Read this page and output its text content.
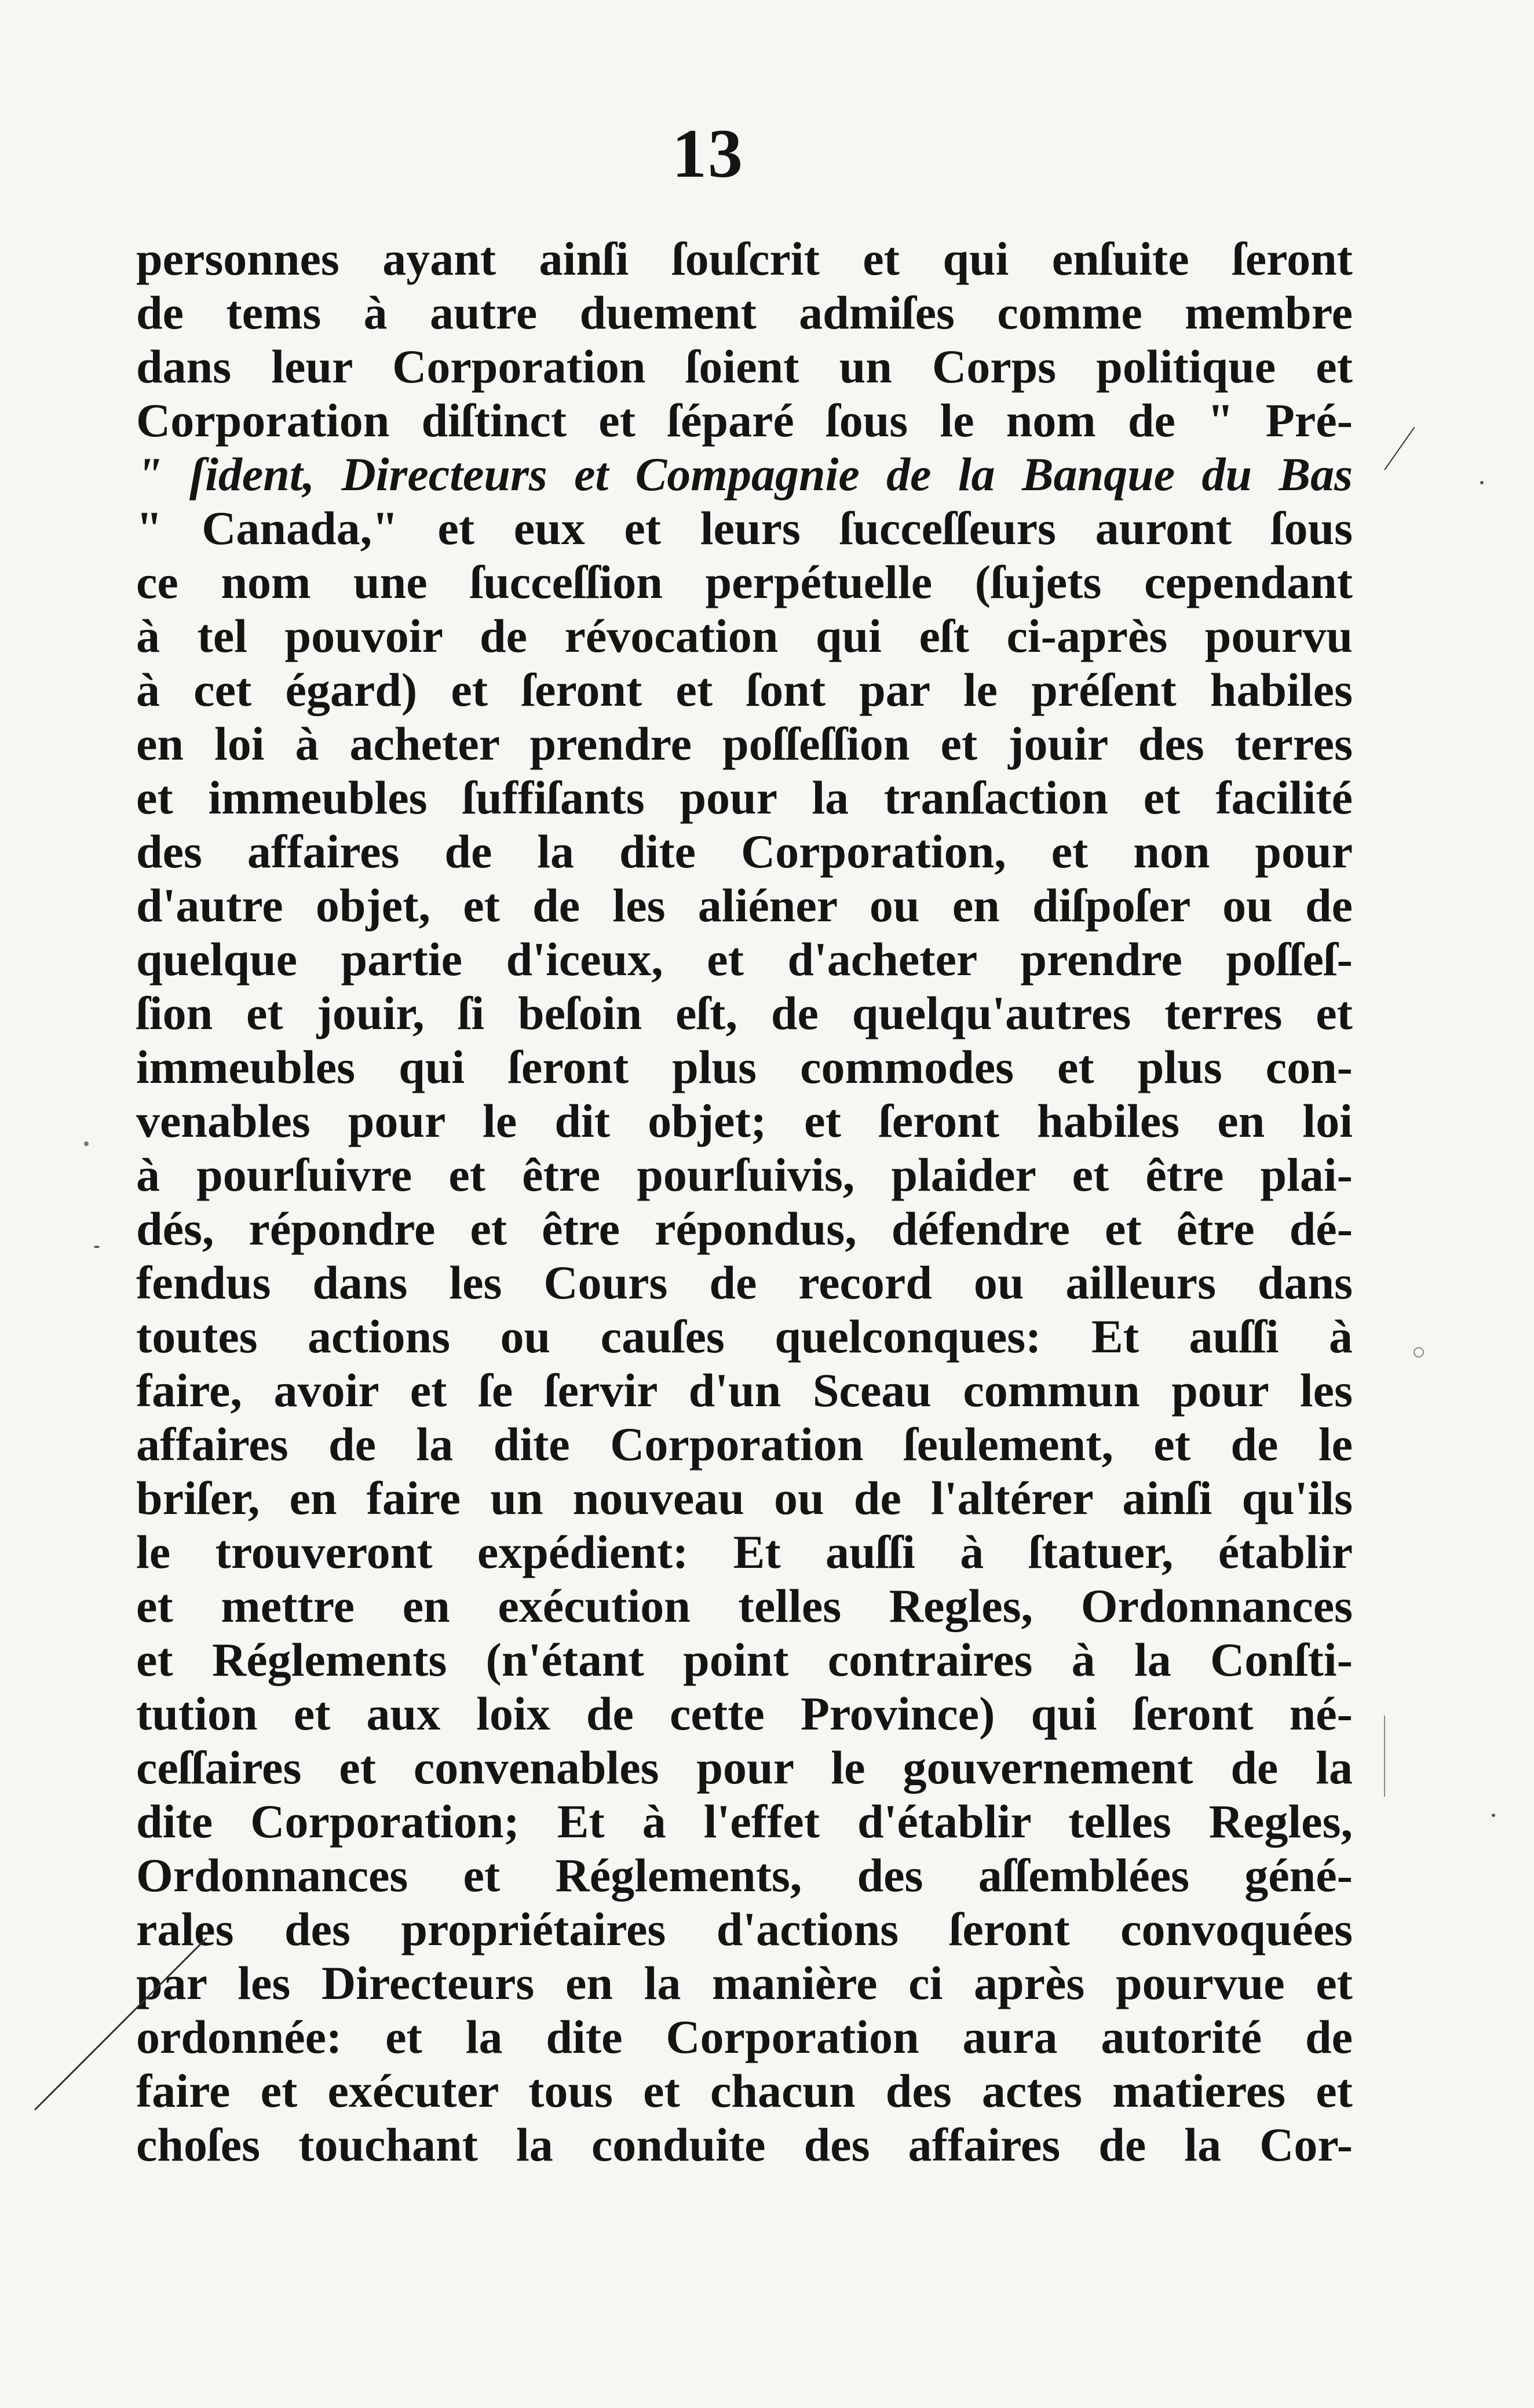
13
personnes ayant ainſi ſouſcrit et qui enſuite ſeront
de tems à autre duement admiſes comme membre
dans leur Corporation ſoient un Corps politique et
Corporation diſtinct et ſéparé ſous le nom de " Pré-
" ſident, Directeurs et Compagnie de la Banque du Bas
" Canada," et eux et leurs ſucceſſeurs auront ſous
ce nom une ſucceſſion perpétuelle (ſujets cependant
à tel pouvoir de révocation qui eſt ci-après pourvu
à cet égard) et ſeront et ſont par le préſent habiles
en loi à acheter prendre poſſeſſion et jouir des terres
et immeubles ſuffiſants pour la tranſaction et facilité
des affaires de la dite Corporation, et non pour
d'autre objet, et de les aliéner ou en diſpoſer ou de
quelque partie d'iceux, et d'acheter prendre poſſeſ-
ſion et jouir, ſi beſoin eſt, de quelqu'autres terres et
immeubles qui ſeront plus commodes et plus con-
venables pour le dit objet; et ſeront habiles en loi
à pourſuivre et être pourſuivis, plaider et être plai-
dés, répondre et être répondus, défendre et être dé-
fendus dans les Cours de record ou ailleurs dans
toutes actions ou cauſes quelconques: Et auſſi à
faire, avoir et ſe ſervir d'un Sceau commun pour les
affaires de la dite Corporation ſeulement, et de le
briſer, en faire un nouveau ou de l'altérer ainſi qu'ils
le trouveront expédient: Et auſſi à ſtatuer, établir
et mettre en exécution telles Regles, Ordonnances
et Réglements (n'étant point contraires à la Conſti-
tution et aux loix de cette Province) qui ſeront né-
ceſſaires et convenables pour le gouvernement de la
dite Corporation; Et à l'effet d'établir telles Regles,
Ordonnances et Réglements, des aſſemblées géné-
rales des propriétaires d'actions ſeront convoquées
par les Directeurs en la manière ci après pourvue et
ordonnée: et la dite Corporation aura autorité de
faire et exécuter tous et chacun des actes matieres et
choſes touchant la conduite des affaires de la Cor-
